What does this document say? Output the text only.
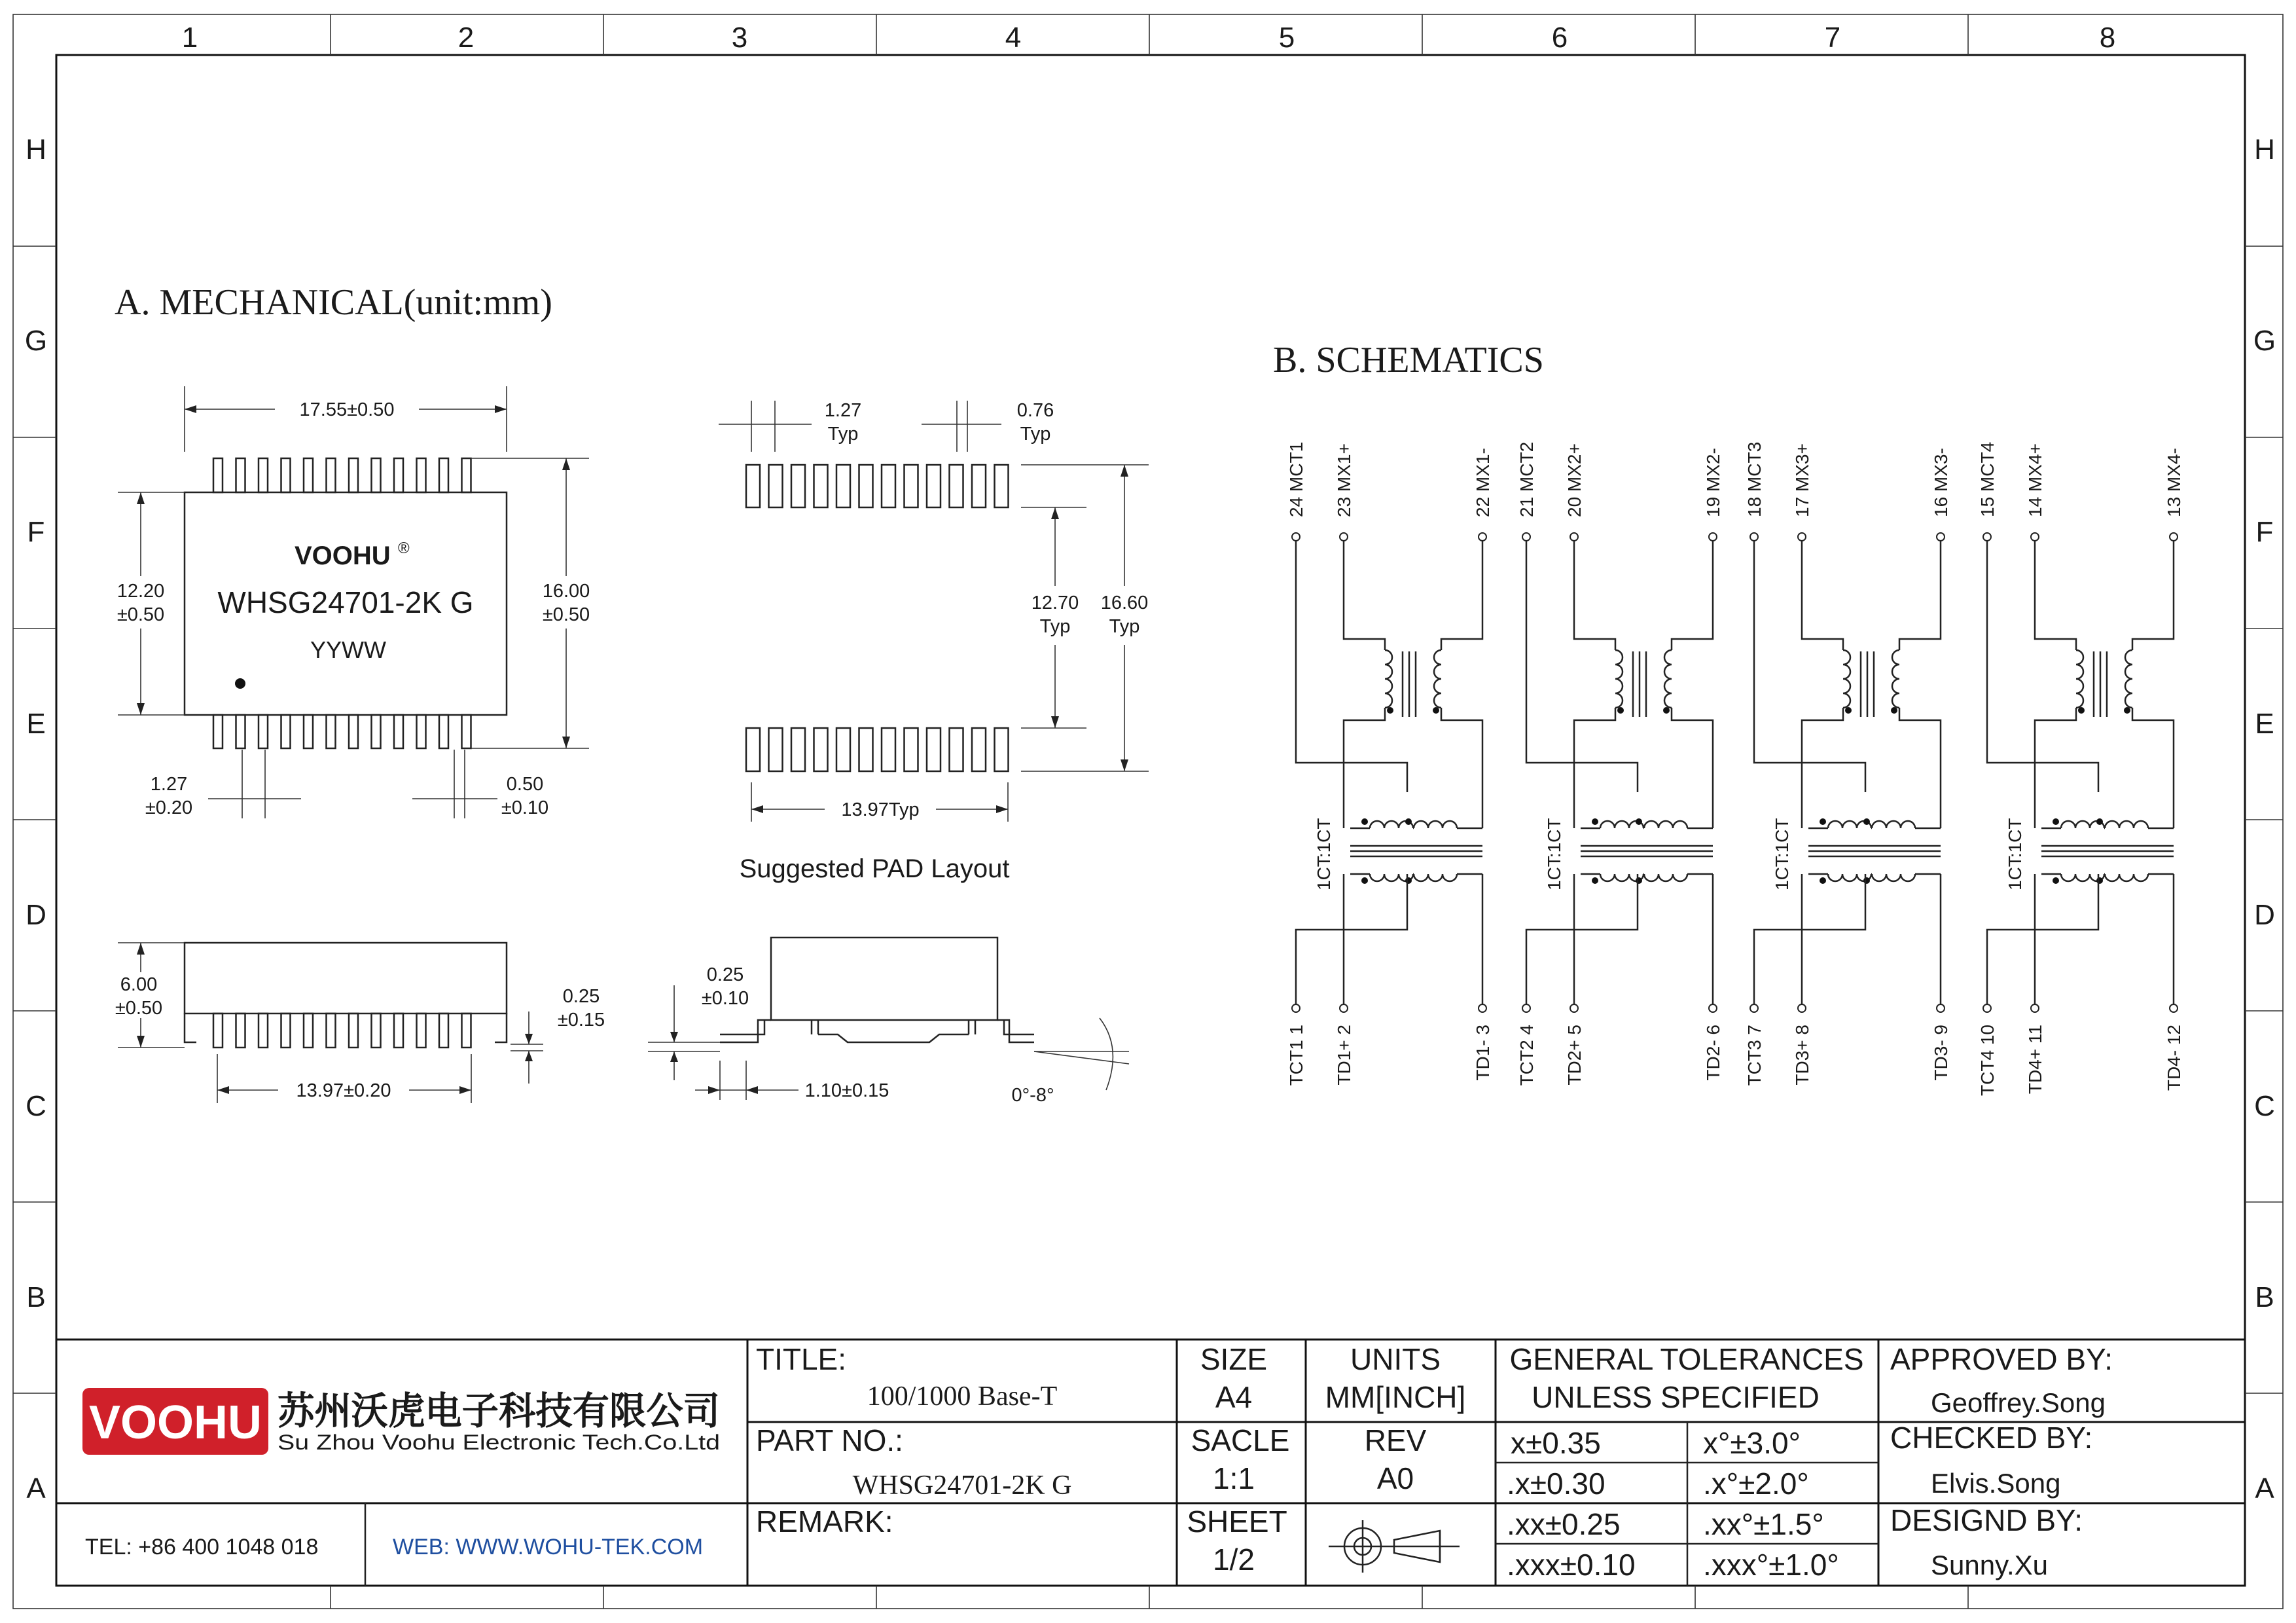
1	2	3	4	5	6	7	8
H
G
F
E
D
C
B
A
H
G
F
E
D
C
B
A
A. MECHANICAL(unit:mm)
VOOHU ®
WHSG24701-2K G
YYWW
17.55±0.50
12.20
±0.50
16.00
±0.50
1.27
±0.20
0.50
±0.10
1.27
Typ
0.76
Typ
12.70
Typ
16.60
Typ
13.97Typ
Suggested PAD Layout
6.00
±0.50
0.25
±0.15
13.97±0.20
0.25
±0.10
1.10±0.15	0°-8°
B. SCHEMATICS
24 MCT1 23 MX1+	22 MX1-
TCT1 1 TD1+ 2	TD1- 3
1CT:1CT
21 MCT2 20 MX2+	19 MX2-
TCT2 4 TD2+ 5	TD2- 6
1CT:1CT
18 MCT3 17 MX3+	16 MX3-
TCT3 7 TD3+ 8	TD3- 9
1CT:1CT
15 MCT4 14 MX4+	13 MX4-
TCT4 10 TD4+ 11	TD4- 12
1CT:1CT
VOOHU 苏州沃虎电子科技有限公司
Su Zhou Voohu Electronic Tech.Co.Ltd
TEL: +86 400 1048 018	WEB: WWW.WOHU-TEK.COM
TITLE:
100/1000 Base-T
PART NO.:
WHSG24701-2K G
REMARK:
SIZE
A4
SACLE
1:1
SHEET
1/2
UNITS
MM[INCH]
REV
A0
GENERAL TOLERANCES
UNLESS SPECIFIED
x±0.35	x°±3.0°
.x±0.30	.x°±2.0°
.xx±0.25	.xx°±1.5°
.xxx±0.10 .xxx°±1.0°
APPROVED BY:
Geoffrey.Song
CHECKED BY:
Elvis.Song
DESIGND BY:
Sunny.Xu
